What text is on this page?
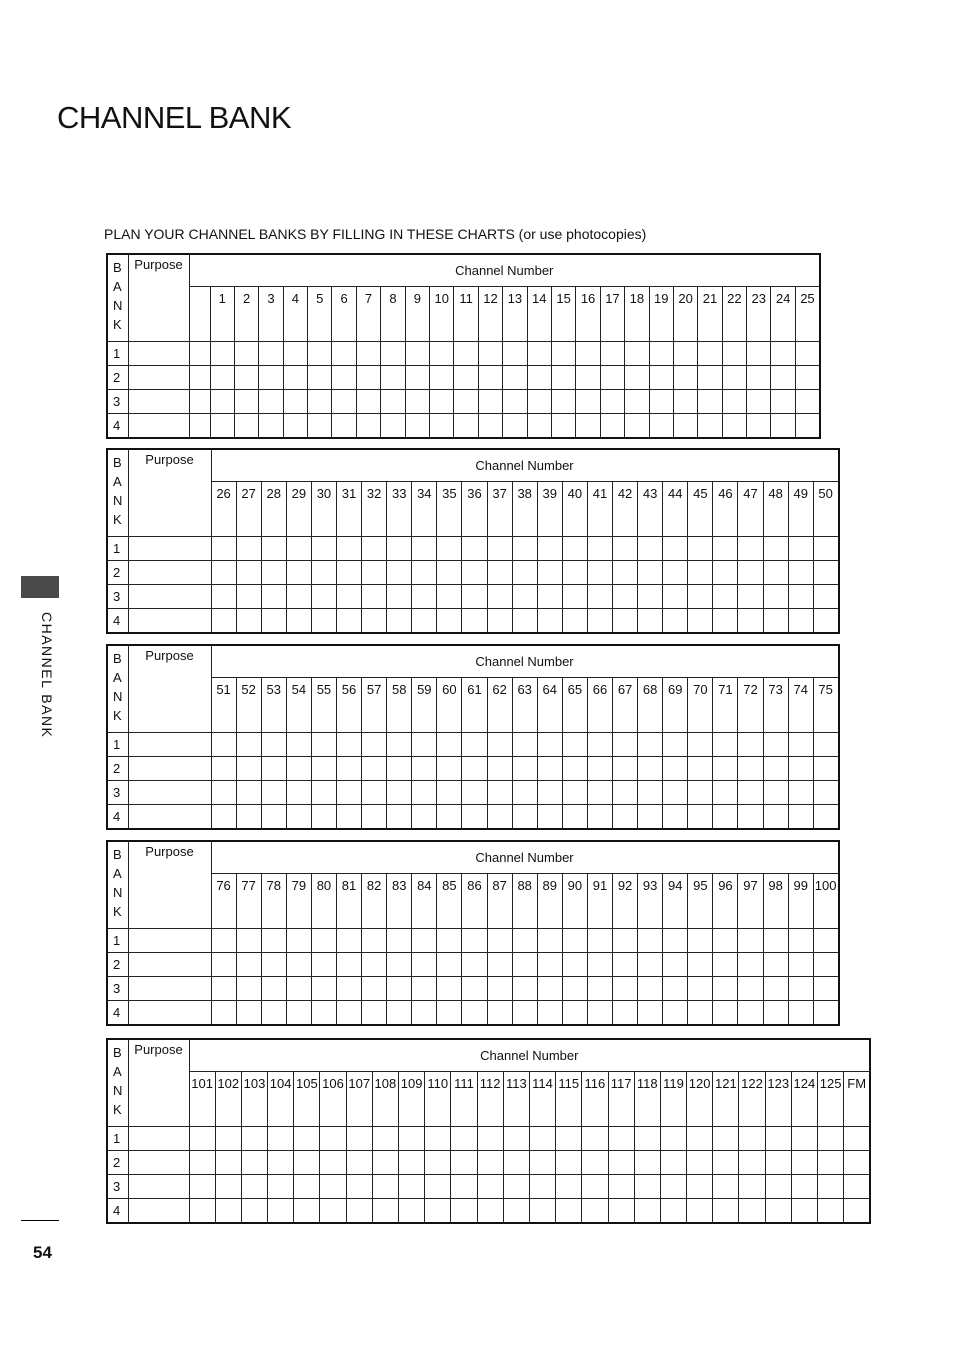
CHANNEL BANK
PLAN YOUR CHANNEL BANKS BY FILLING IN THESE CHARTS (or use photocopies)
CHANNEL BANK
54
B
A
N
K	Purpose	Channel Number																									
			1	2	3	4	5	6	7	8	9	10	11	12	13	14	15	16	17	18	19	20	21	22	23	24	25
1																											
2																											
3																											
4																											
B
A
N
K	Purpose	Channel Number																								
		26	27	28	29	30	31	32	33	34	35	36	37	38	39	40	41	42	43	44	45	46	47	48	49	50
1																										
2																										
3																										
4																										
B
A
N
K	Purpose	Channel Number																								
		51	52	53	54	55	56	57	58	59	60	61	62	63	64	65	66	67	68	69	70	71	72	73	74	75
1																										
2																										
3																										
4																										
B
A
N
K	Purpose	Channel Number																								
		76	77	78	79	80	81	82	83	84	85	86	87	88	89	90	91	92	93	94	95	96	97	98	99	100
1																										
2																										
3																										
4																										
B
A
N
K	Purpose	Channel Number																									
		101	102	103	104	105	106	107	108	109	110	111	112	113	114	115	116	117	118	119	120	121	122	123	124	125	FM
1																											
2																											
3																											
4																											
